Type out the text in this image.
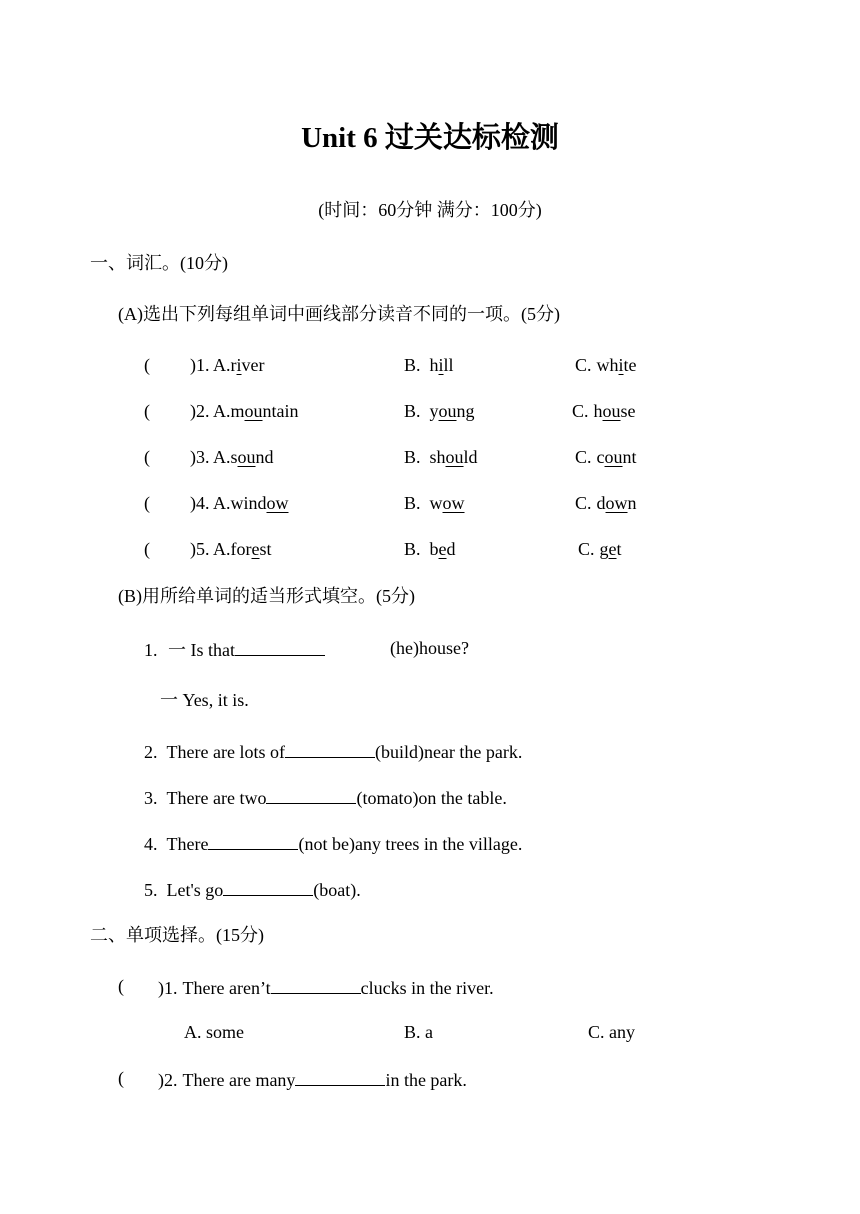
Unit 6 过关达标检测
(时间：60分钟 满分：100分)
一、词汇。(10分)
(A)选出下列每组单词中画线部分读音不同的一项。(5分)
( )1. A.river	B. hill	C. white
( )2. A.mountain	B. young	C. house
( )3. A.sound	B. should	C. count
( )4. A.window	B. wow	C. down
( )5. A.forest	B. bed	C. get
(B)用所给单词的适当形式填空。(5分)
1. 一 Is that	(he)house?
一 Yes, it is.
2. There are lots of	(build)near the park.
3. There are two	(tomato)on the table.
4. There	(not be)any trees in the village.
5. Let's go	(boat).
二、单项选择。(15分)
( )1. There aren’t	clucks in the river.
A. some	B. a	C. any
( )2. There are many	in the park.
